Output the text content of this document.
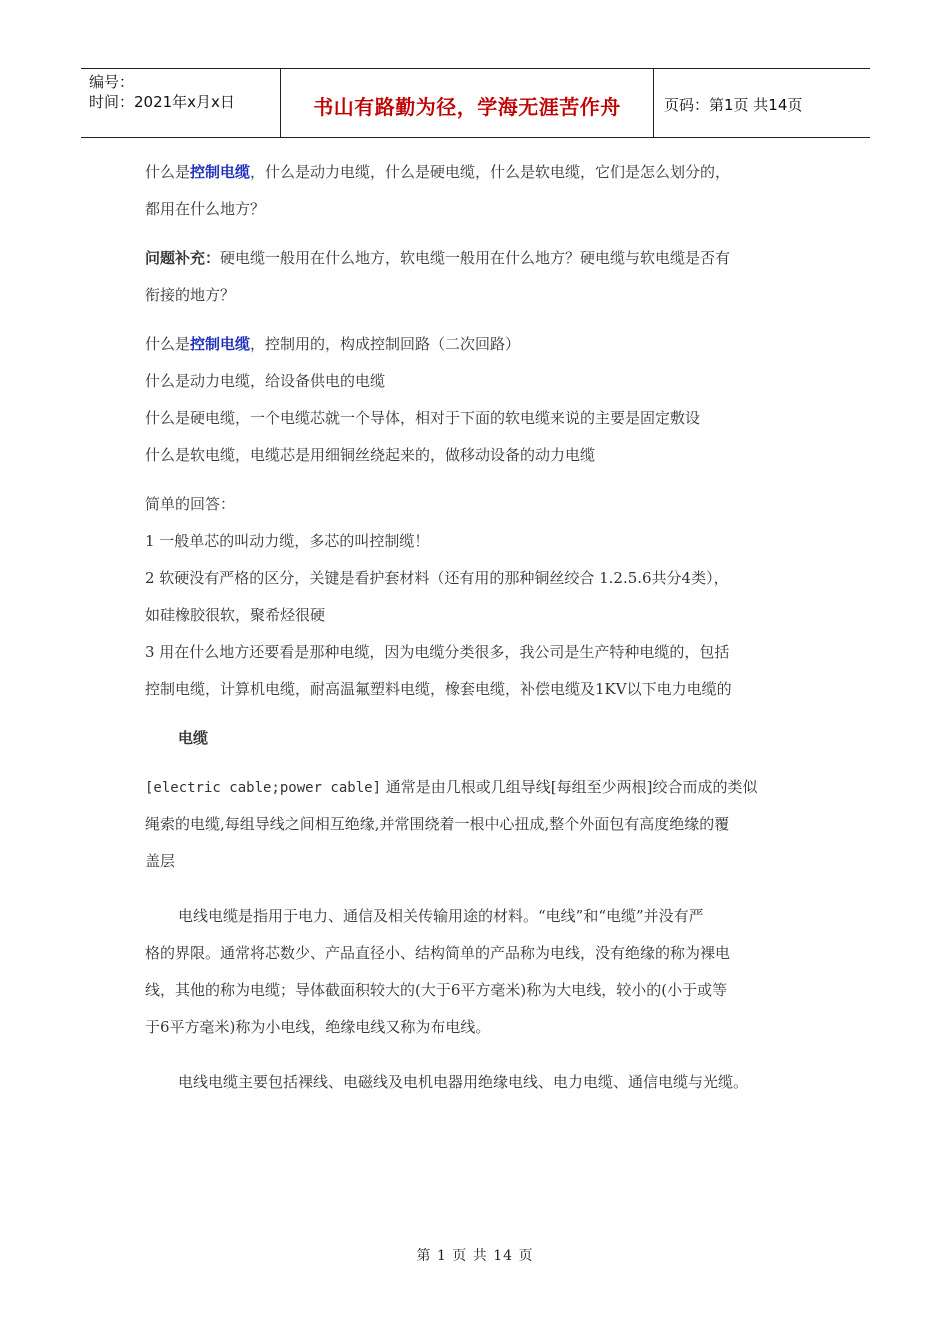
编号：
时间：2021年x月x日	书山有路勤为径，学海无涯苦作舟	页码：第1页 共14页
什么是控制电缆，什么是动力电缆，什么是硬电缆，什么是软电缆，它们是怎么划分的，
都用在什么地方？
问题补充：硬电缆一般用在什么地方，软电缆一般用在什么地方？硬电缆与软电缆是否有
衔接的地方？
什么是控制电缆，控制用的，构成控制回路（二次回路）
什么是动力电缆，给设备供电的电缆
什么是硬电缆，一个电缆芯就一个导体，相对于下面的软电缆来说的主要是固定敷设
什么是软电缆，电缆芯是用细铜丝绕起来的，做移动设备的动力电缆
简单的回答：
1 一般单芯的叫动力缆，多芯的叫控制缆！
2 软硬没有严格的区分，关键是看护套材料（还有用的那种铜丝绞合 1.2.5.6共分4类），
如硅橡胶很软，聚希烃很硬
3 用在什么地方还要看是那种电缆，因为电缆分类很多，我公司是生产特种电缆的，包括
控制电缆，计算机电缆，耐高温氟塑料电缆，橡套电缆，补偿电缆及1KV以下电力电缆的
电缆
[electric cable;power cable] 通常是由几根或几组导线[每组至少两根]绞合而成的类似
绳索的电缆,每组导线之间相互绝缘,并常围绕着一根中心扭成,整个外面包有高度绝缘的覆
盖层
电线电缆是指用于电力、通信及相关传输用途的材料。“电线”和“电缆”并没有严
格的界限。通常将芯数少、产品直径小、结构简单的产品称为电线，没有绝缘的称为裸电
线，其他的称为电缆；导体截面积较大的(大于6平方毫米)称为大电线，较小的(小于或等
于6平方毫米)称为小电线，绝缘电线又称为布电线。
电线电缆主要包括裸线、电磁线及电机电器用绝缘电线、电力电缆、通信电缆与光缆。
第 1 页 共 14 页
